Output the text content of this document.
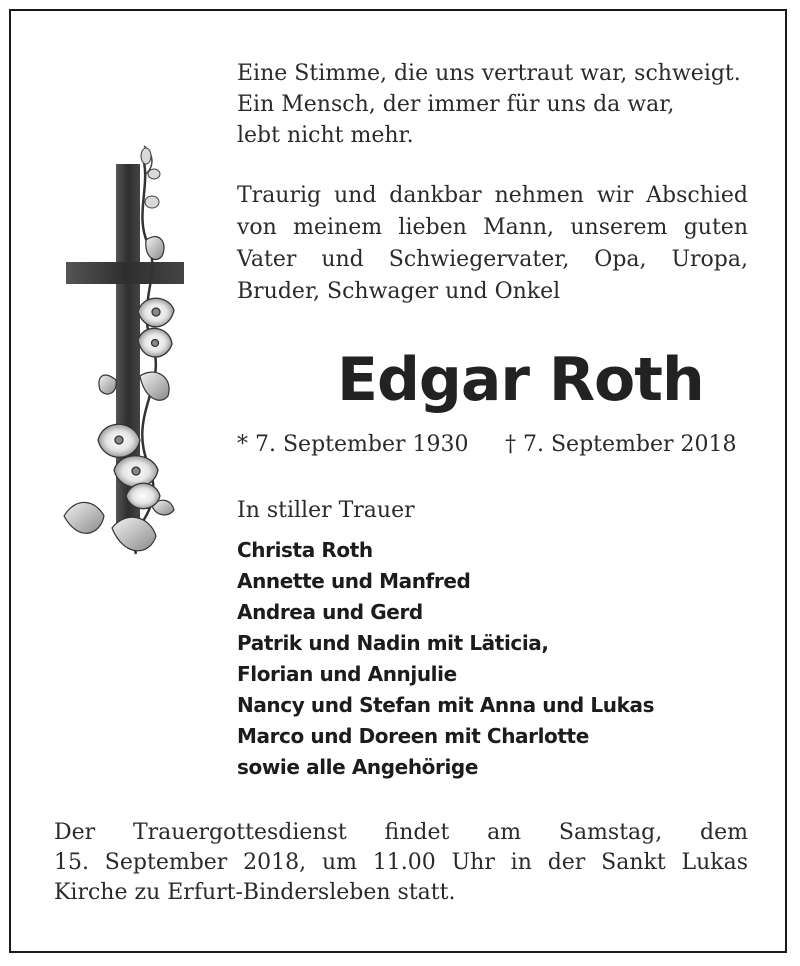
Eine Stimme, die uns vertraut war, schweigt.
Ein Mensch, der immer für uns da war,
lebt nicht mehr.
Traurig und dankbar nehmen wir Abschied
von meinem lieben Mann, unserem guten
Vater und Schwiegervater, Opa, Uropa,
Bruder, Schwager und Onkel
Edgar Roth
* 7. September 1930 † 7. September 2018
In stiller Trauer
Christa Roth
Annette und Manfred
Andrea und Gerd
Patrik und Nadin mit Läticia,
Florian und Annjulie
Nancy und Stefan mit Anna und Lukas
Marco und Doreen mit Charlotte
sowie alle Angehörige
Der Trauergottesdienst findet am Samstag, dem
15. September 2018, um 11.00 Uhr in der Sankt Lukas
Kirche zu Erfurt-Bindersleben statt.
